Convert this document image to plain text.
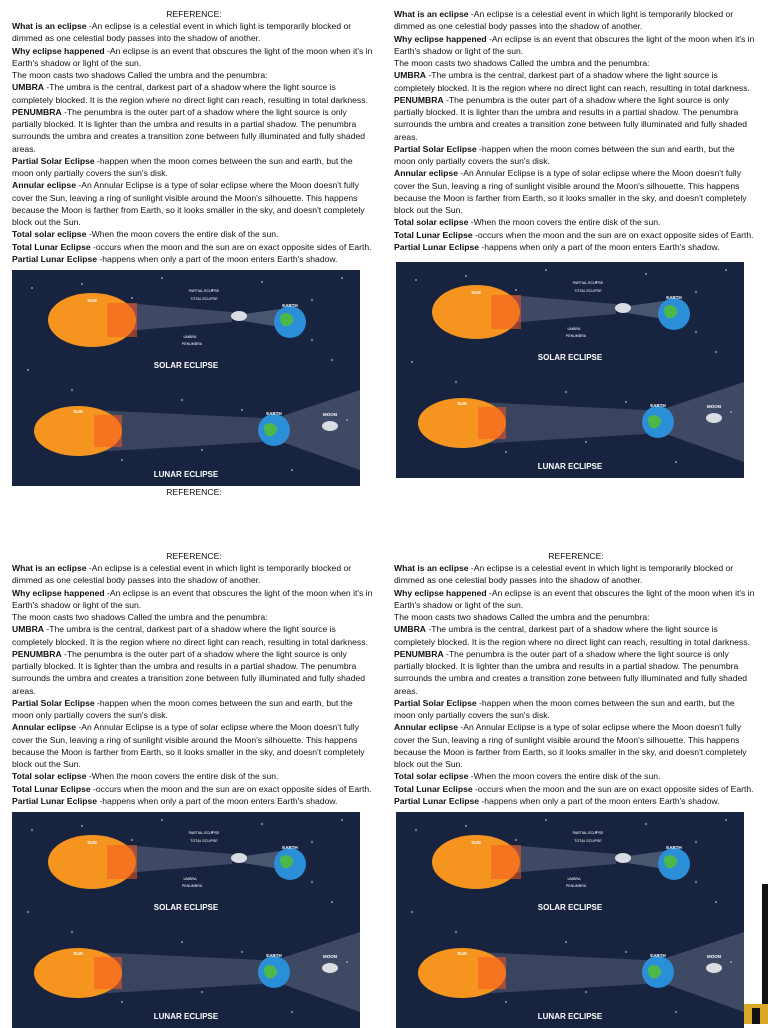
REFERENCE:
What is an eclipse -An eclipse is a celestial event in which light is temporarily blocked or dimmed as one celestial body passes into the shadow of another.
Why eclipse happened -An eclipse is an event that obscures the light of the moon when it's in Earth's shadow or light of the sun.
The moon casts two shadows Called the umbra and the penumbra:
UMBRA -The umbra is the central, darkest part of a shadow where the light source is completely blocked. It is the region where no direct light can reach, resulting in total darkness.
PENUMBRA -The penumbra is the outer part of a shadow where the light source is only partially blocked. It is lighter than the umbra and results in a partial shadow. The penumbra surrounds the umbra and creates a transition zone between fully illuminated and fully shaded areas.
Partial Solar Eclipse -happen when the moon comes between the sun and earth, but the moon only partially covers the sun's disk.
Annular eclipse -An Annular Eclipse is a type of solar eclipse where the Moon doesn't fully cover the Sun, leaving a ring of sunlight visible around the Moon's silhouette. This happens because the Moon is farther from Earth, so it looks smaller in the sky, and doesn't completely block out the Sun.
Total solar eclipse -When the moon covers the entire disk of the sun.
Total Lunar Eclipse -occurs when the moon and the sun are on exact opposite sides of Earth.
Partial Lunar Eclipse -happens when only a part of the moon enters Earth's shadow.
SUN
EARTH
PARTIAL ECLIPSE
TOTAL ECLIPSE
UMBRA
PENUMBRA
SOLAR ECLIPSE
SUN	EARTH	MOON
LUNAR ECLIPSE
REFERENCE:
What is an eclipse -An eclipse is a celestial event in which light is temporarily blocked or dimmed as one celestial body passes into the shadow of another.
Why eclipse happened -An eclipse is an event that obscures the light of the moon when it's in Earth's shadow or light of the sun.
The moon casts two shadows Called the umbra and the penumbra:
UMBRA -The umbra is the central, darkest part of a shadow where the light source is completely blocked. It is the region where no direct light can reach, resulting in total darkness.
PENUMBRA -The penumbra is the outer part of a shadow where the light source is only partially blocked. It is lighter than the umbra and results in a partial shadow. The penumbra surrounds the umbra and creates a transition zone between fully illuminated and fully shaded areas.
Partial Solar Eclipse -happen when the moon comes between the sun and earth, but the moon only partially covers the sun's disk.
Annular eclipse -An Annular Eclipse is a type of solar eclipse where the Moon doesn't fully cover the Sun, leaving a ring of sunlight visible around the Moon's silhouette. This happens because the Moon is farther from Earth, so it looks smaller in the sky, and doesn't completely block out the Sun.
Total solar eclipse -When the moon covers the entire disk of the sun.
Total Lunar Eclipse -occurs when the moon and the sun are on exact opposite sides of Earth.
Partial Lunar Eclipse -happens when only a part of the moon enters Earth's shadow.
SUN
EARTH
PARTIAL ECLIPSE
TOTAL ECLIPSE
UMBRA
PENUMBRA
SOLAR ECLIPSE
SUN	EARTH	MOON
LUNAR ECLIPSE
REFERENCE:
What is an eclipse -An eclipse is a celestial event in which light is temporarily blocked or dimmed as one celestial body passes into the shadow of another.
Why eclipse happened -An eclipse is an event that obscures the light of the moon when it's in Earth's shadow or light of the sun.
The moon casts two shadows Called the umbra and the penumbra:
UMBRA -The umbra is the central, darkest part of a shadow where the light source is completely blocked. It is the region where no direct light can reach, resulting in total darkness.
PENUMBRA -The penumbra is the outer part of a shadow where the light source is only partially blocked. It is lighter than the umbra and results in a partial shadow. The penumbra surrounds the umbra and creates a transition zone between fully illuminated and fully shaded areas.
Partial Solar Eclipse -happen when the moon comes between the sun and earth, but the moon only partially covers the sun's disk.
Annular eclipse -An Annular Eclipse is a type of solar eclipse where the Moon doesn't fully cover the Sun, leaving a ring of sunlight visible around the Moon's silhouette. This happens because the Moon is farther from Earth, so it looks smaller in the sky, and doesn't completely block out the Sun.
Total solar eclipse -When the moon covers the entire disk of the sun.
Total Lunar Eclipse -occurs when the moon and the sun are on exact opposite sides of Earth.
Partial Lunar Eclipse -happens when only a part of the moon enters Earth's shadow.
SUN
EARTH
PARTIAL ECLIPSE
TOTAL ECLIPSE
UMBRA
PENUMBRA
SOLAR ECLIPSE
SUN	EARTH	MOON
LUNAR ECLIPSE
REFERENCE:
What is an eclipse -An eclipse is a celestial event in which light is temporarily blocked or dimmed as one celestial body passes into the shadow of another.
Why eclipse happened -An eclipse is an event that obscures the light of the moon when it's in Earth's shadow or light of the sun.
The moon casts two shadows Called the umbra and the penumbra:
UMBRA -The umbra is the central, darkest part of a shadow where the light source is completely blocked. It is the region where no direct light can reach, resulting in total darkness.
PENUMBRA -The penumbra is the outer part of a shadow where the light source is only partially blocked. It is lighter than the umbra and results in a partial shadow. The penumbra surrounds the umbra and creates a transition zone between fully illuminated and fully shaded areas.
Partial Solar Eclipse -happen when the moon comes between the sun and earth, but the moon only partially covers the sun's disk.
Annular eclipse -An Annular Eclipse is a type of solar eclipse where the Moon doesn't fully cover the Sun, leaving a ring of sunlight visible around the Moon's silhouette. This happens because the Moon is farther from Earth, so it looks smaller in the sky, and doesn't completely block out the Sun.
Total solar eclipse -When the moon covers the entire disk of the sun.
Total Lunar Eclipse -occurs when the moon and the sun are on exact opposite sides of Earth.
Partial Lunar Eclipse -happens when only a part of the moon enters Earth's shadow.
SUN
EARTH
PARTIAL ECLIPSE
TOTAL ECLIPSE
UMBRA
PENUMBRA
SOLAR ECLIPSE
SUN	EARTH	MOON
LUNAR ECLIPSE
